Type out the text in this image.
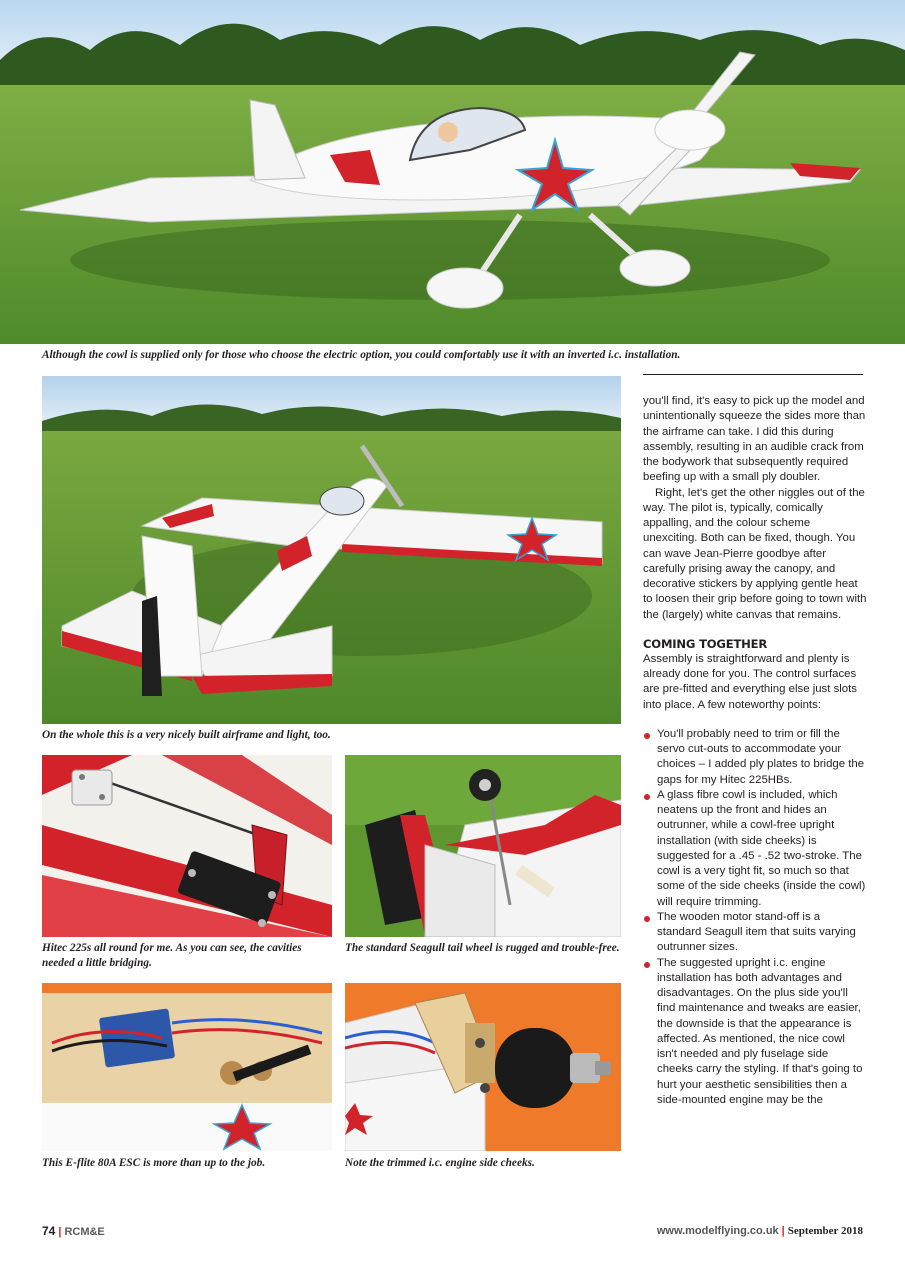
Although the cowl is supplied only for those who choose the electric option, you could comfortably use it with an inverted i.c. installation.
On the whole this is a very nicely built airframe and light, too.
Hitec 225s all round for me. As you can see, the cavities needed a little bridging.
The standard Seagull tail wheel is rugged and trouble-free.
This E-flite 80A ESC is more than up to the job.	Note the trimmed i.c. engine side cheeks.

you'll find, it's easy to pick up the model and unintentionally squeeze the sides more than the airframe can take. I did this during assembly, resulting in an audible crack from the bodywork that subsequently required beefing up with a small ply doubler.

Right, let's get the other niggles out of the way. The pilot is, typically, comically appalling, and the colour scheme unexciting. Both can be fixed, though. You can wave Jean-Pierre goodbye after carefully prising away the canopy, and decorative stickers by applying gentle heat to loosen their grip before going to town with the (largely) white canvas that remains.

COMING TOGETHER

Assembly is straightforward and plenty is already done for you. The control surfaces are pre-fitted and everything else just slots into place. A few noteworthy points:

You'll probably need to trim or fill the servo cut-outs to accommodate your choices – I added ply plates to bridge the gaps for my Hitec 225HBs.
A glass fibre cowl is included, which neatens up the front and hides an outrunner, while a cowl-free upright installation (with side cheeks) is suggested for a .45 - .52 two-stroke. The cowl is a very tight fit, so much so that some of the side cheeks (inside the cowl) will require trimming.
The wooden motor stand-off is a standard Seagull item that suits varying outrunner sizes.
The suggested upright i.c. engine installation has both advantages and disadvantages. On the plus side you'll find maintenance and tweaks are easier, the downside is that the appearance is affected. As mentioned, the nice cowl isn't needed and ply fuselage side cheeks carry the styling. If that's going to hurt your aesthetic sensibilities then a side-mounted engine may be the
74 | RCM&E	www.modelflying.co.uk | September 2018
